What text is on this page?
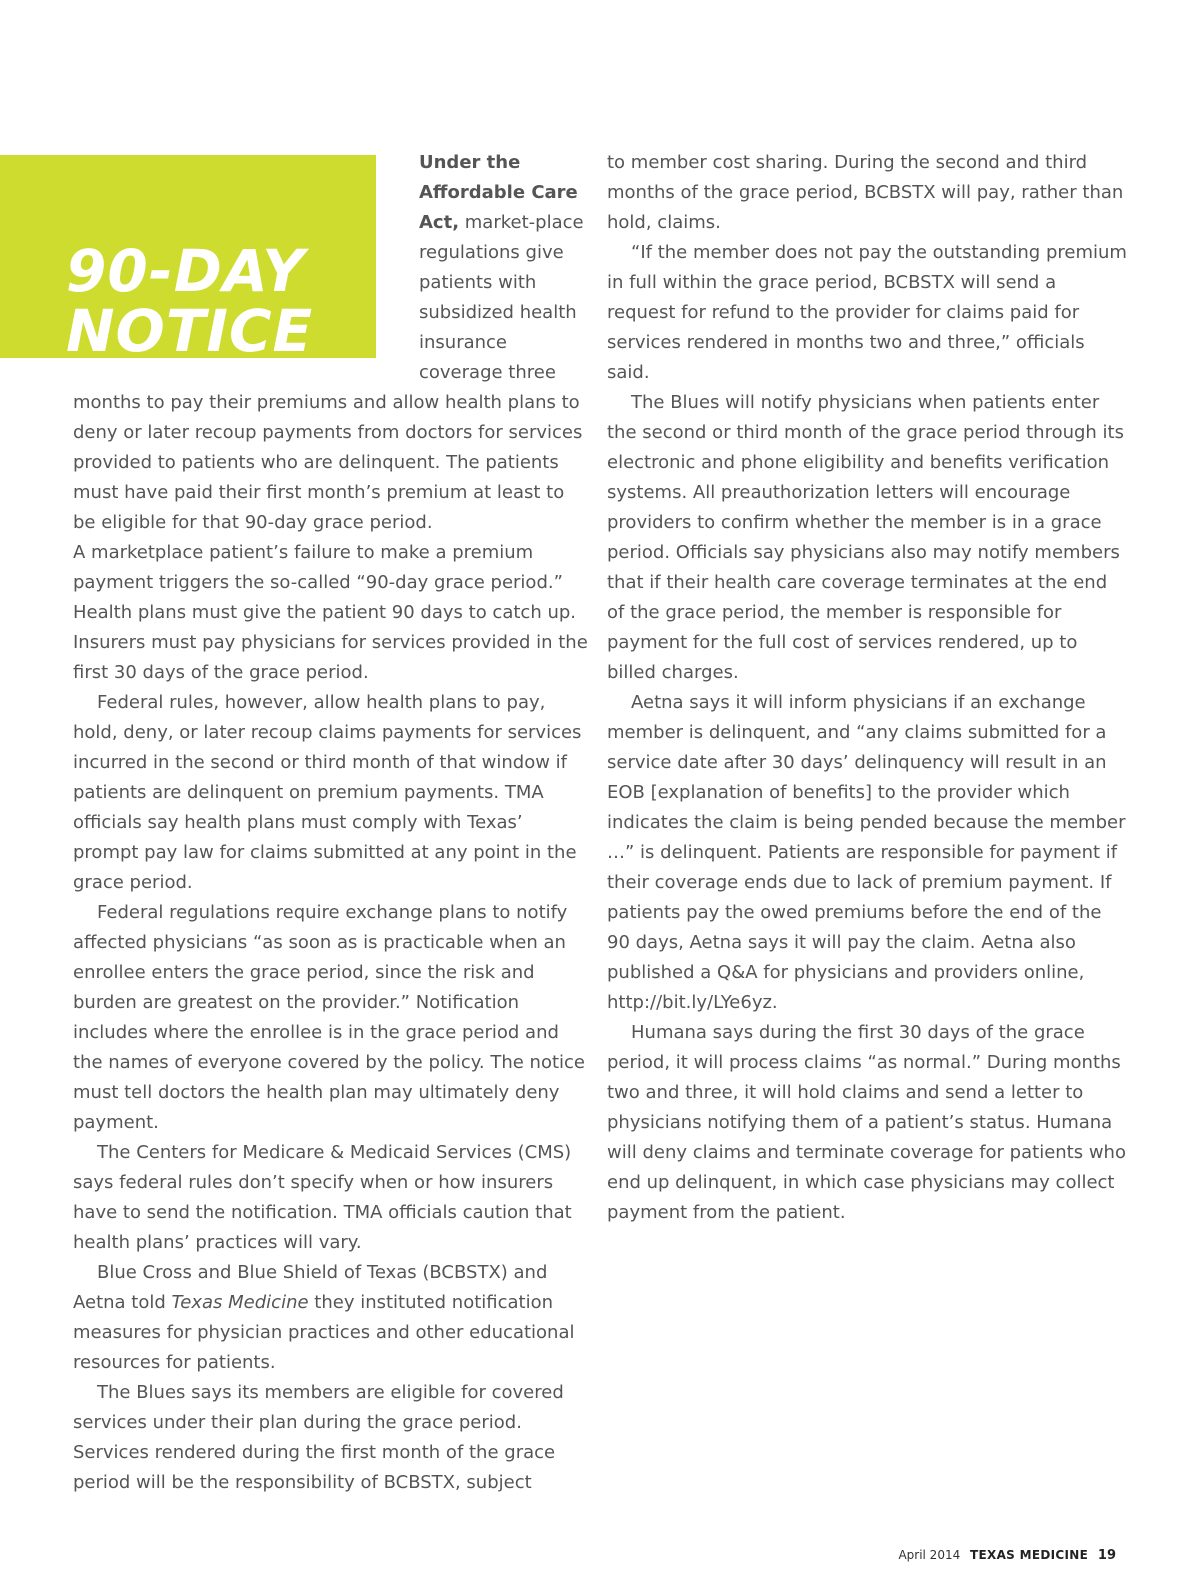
90-DAY
NOTICE

Under the Affordable Care Act, market-place regulations give patients with subsidized health insurance coverage three

months to pay their premiums and allow health plans to deny or later recoup payments from doctors for services provided to patients who are delinquent. The patients must have paid their first month’s premium at least to be eligible for that 90-day grace period.

A marketplace patient’s failure to make a premium payment triggers the so-called “90-day grace period.” Health plans must give the patient 90 days to catch up. Insurers must pay physicians for services provided in the first 30 days of the grace period.

Federal rules, however, allow health plans to pay, hold, deny, or later recoup claims payments for services incurred in the second or third month of that window if patients are delinquent on premium payments. TMA officials say health plans must comply with Texas’ prompt pay law for claims submitted at any point in the grace period.

Federal regulations require exchange plans to notify affected physicians “as soon as is practicable when an enrollee enters the grace period, since the risk and burden are greatest on the provider.” Notification includes where the enrollee is in the grace period and the names of everyone covered by the policy. The notice must tell doctors the health plan may ultimately deny payment.

The Centers for Medicare & Medicaid Services (CMS) says federal rules don’t specify when or how insurers have to send the notification. TMA officials caution that health plans’ practices will vary.

Blue Cross and Blue Shield of Texas (BCBSTX) and Aetna told Texas Medicine they instituted notification measures for physician practices and other educational resources for patients.

The Blues says its members are eligible for covered services under their plan during the grace period. Services rendered during the first month of the grace period will be the responsibility of BCBSTX, subject

to member cost sharing. During the second and third months of the grace period, BCBSTX will pay, rather than hold, claims.

“If the member does not pay the outstanding premium in full within the grace period, BCBSTX will send a request for refund to the provider for claims paid for services rendered in months two and three,” officials said.

The Blues will notify physicians when patients enter the second or third month of the grace period through its electronic and phone eligibility and benefits verification systems. All preauthorization letters will encourage providers to confirm whether the member is in a grace period. Officials say physicians also may notify members that if their health care coverage terminates at the end of the grace period, the member is responsible for payment for the full cost of services rendered, up to billed charges.

Aetna says it will inform physicians if an exchange member is delinquent, and “any claims submitted for a service date after 30 days’ delinquency will result in an EOB [explanation of benefits] to the provider which indicates the claim is being pended because the member …” is delinquent. Patients are responsible for payment if their coverage ends due to lack of premium payment. If patients pay the owed premiums before the end of the 90 days, Aetna says it will pay the claim. Aetna also published a Q&A for physicians and providers online, http://bit.ly/LYe6yz.

Humana says during the first 30 days of the grace period, it will process claims “as normal.” During months two and three, it will hold claims and send a letter to physicians notifying them of a patient’s status. Humana will deny claims and terminate coverage for patients who end up delinquent, in which case physicians may collect payment from the patient.

April 2014 TEXAS MEDICINE 19
